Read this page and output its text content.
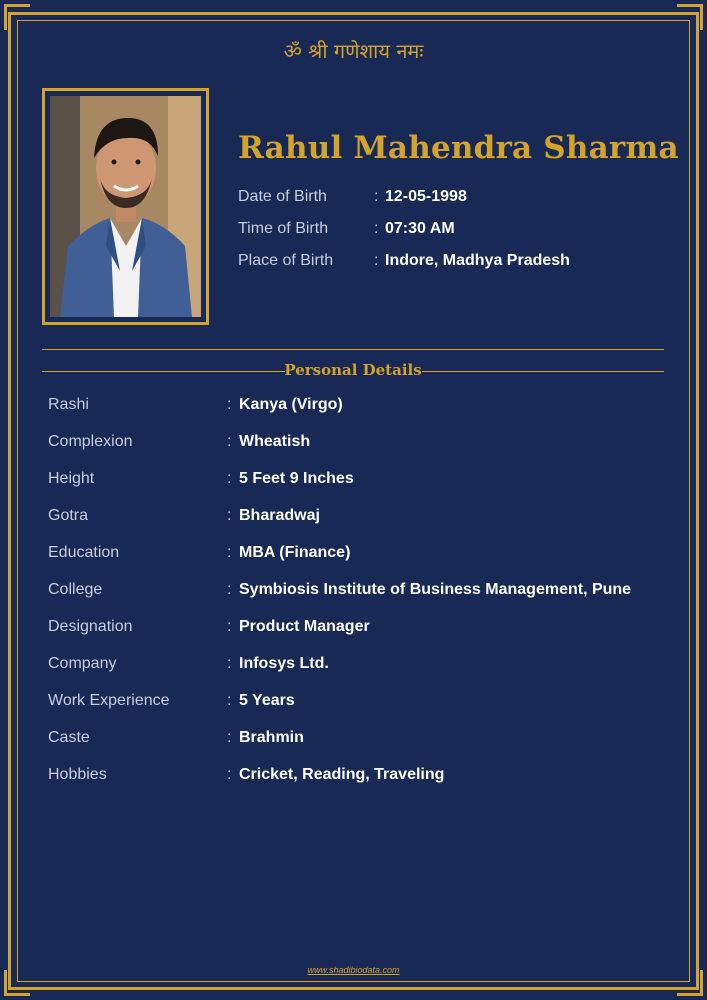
ॐ श्री गणेशाय नमः
Rahul Mahendra Sharma
Date of Birth	: 12-05-1998
Time of Birth	: 07:30 AM
Place of Birth	: Indore, Madhya Pradesh
Personal Details
Rashi	: Kanya (Virgo)
Complexion	: Wheatish
Height	: 5 Feet 9 Inches
Gotra	: Bharadwaj
Education	: MBA (Finance)
College	: Symbiosis Institute of Business Management, Pune
Designation	: Product Manager
Company	: Infosys Ltd.
Work Experience	: 5 Years
Caste	: Brahmin
Hobbies	: Cricket, Reading, Traveling
www.shadibiodata.com
